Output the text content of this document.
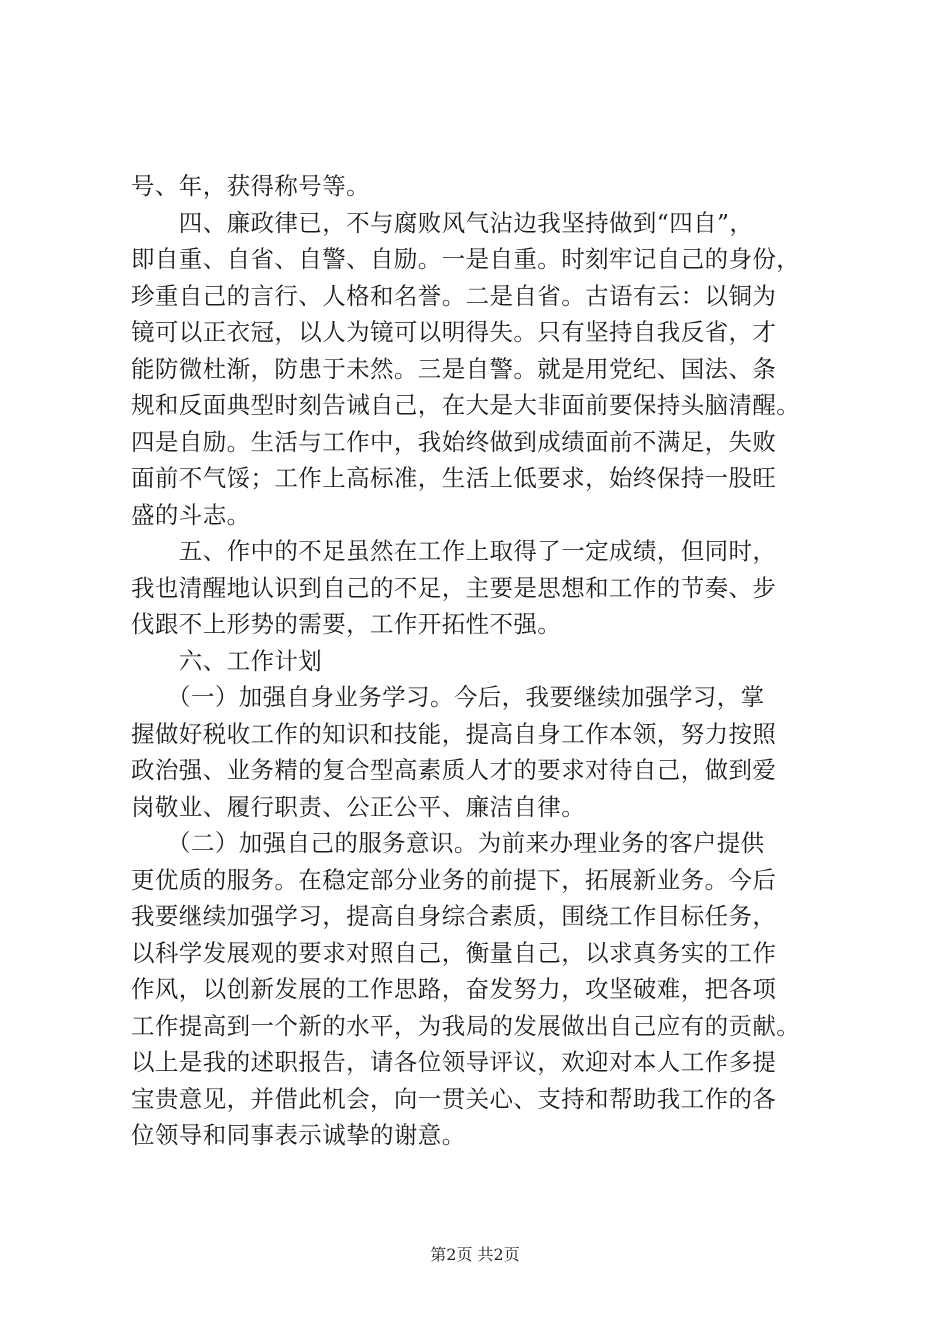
号、年，获得称号等。
　　四、廉政律已，不与腐败风气沾边我坚持做到“四自”，
即自重、自省、自警、自励。一是自重。时刻牢记自己的身份，
珍重自己的言行、人格和名誉。二是自省。古语有云：以铜为
镜可以正衣冠，以人为镜可以明得失。只有坚持自我反省，才
能防微杜渐，防患于未然。三是自警。就是用党纪、国法、条
规和反面典型时刻告诫自己，在大是大非面前要保持头脑清醒。
四是自励。生活与工作中，我始终做到成绩面前不满足，失败
面前不气馁；工作上高标准，生活上低要求，始终保持一股旺
盛的斗志。
　　五、作中的不足虽然在工作上取得了一定成绩，但同时，
我也清醒地认识到自己的不足，主要是思想和工作的节奏、步
伐跟不上形势的需要，工作开拓性不强。
　　六、工作计划
　　（一）加强自身业务学习。今后，我要继续加强学习，掌
握做好税收工作的知识和技能，提高自身工作本领，努力按照
政治强、业务精的复合型高素质人才的要求对待自己，做到爱
岗敬业、履行职责、公正公平、廉洁自律。
　　（二）加强自己的服务意识。为前来办理业务的客户提供
更优质的服务。在稳定部分业务的前提下，拓展新业务。今后
我要继续加强学习，提高自身综合素质，围绕工作目标任务，
以科学发展观的要求对照自己，衡量自己，以求真务实的工作
作风，以创新发展的工作思路，奋发努力，攻坚破难，把各项
工作提高到一个新的水平，为我局的发展做出自己应有的贡献。
以上是我的述职报告，请各位领导评议，欢迎对本人工作多提
宝贵意见，并借此机会，向一贯关心、支持和帮助我工作的各
位领导和同事表示诚挚的谢意。
第2页 共2页
